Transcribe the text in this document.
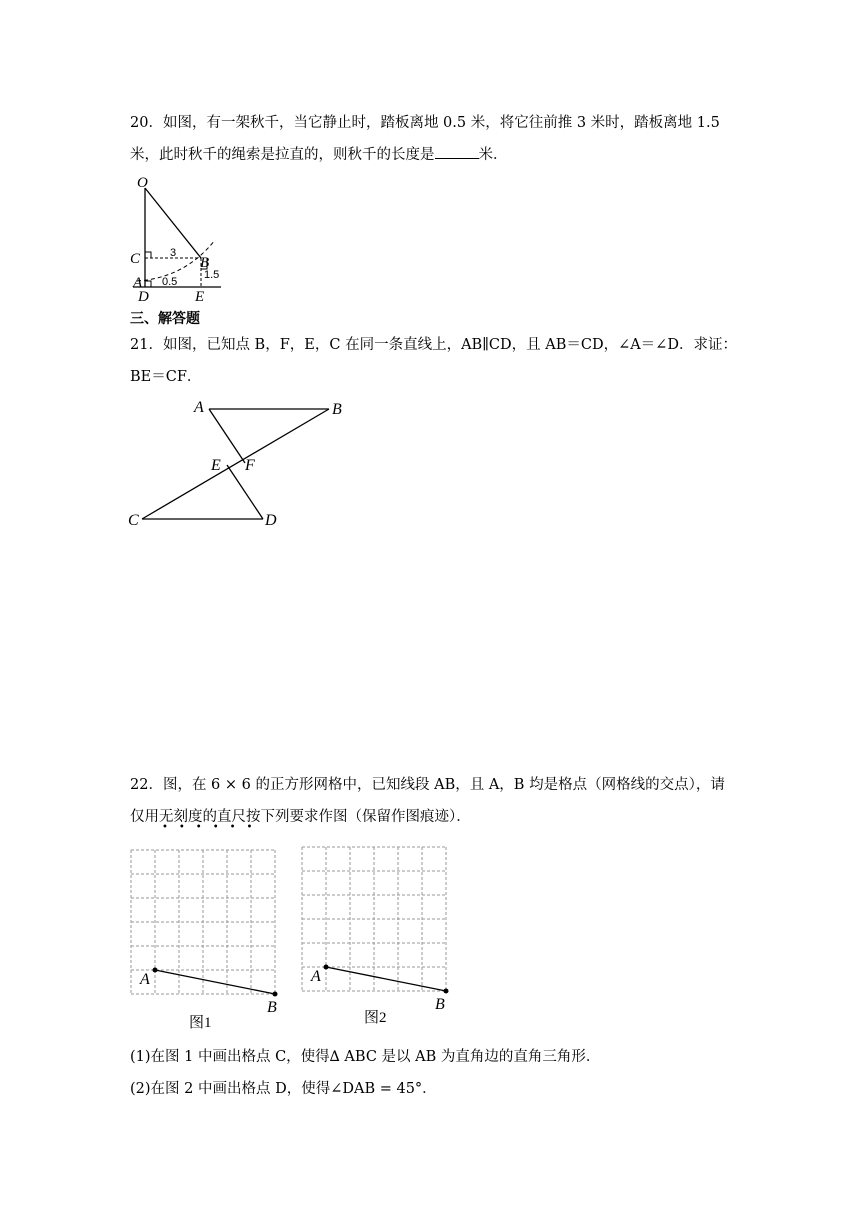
20．如图，有一架秋千，当它静止时，踏板离地 0.5 米，将它往前推 3 米时，踏板离地 1.5
米，此时秋千的绳索是拉直的，则秋千的长度是	米．
O
C	B
A
D	E
3
0.5
1.5
三、解答题
21．如图，已知点 B，F，E，C 在同一条直线上，AB∥CD，且 AB＝CD，∠A＝∠D．求证：
BE＝CF．
A	B
E F
C	D
22．图，在 6 × 6 的正方形网格中，已知线段 AB，且 A，B 均是格点（网格线的交点），请
仅用无刻度的直尺按下列要求作图（保留作图痕迹）．
••••••
A
B
图1
A
B
图2
(1)在图 1 中画出格点 C，使得∆ ABC 是以 AB 为直角边的直角三角形．
(2)在图 2 中画出格点 D，使得∠DAB = 45°．
